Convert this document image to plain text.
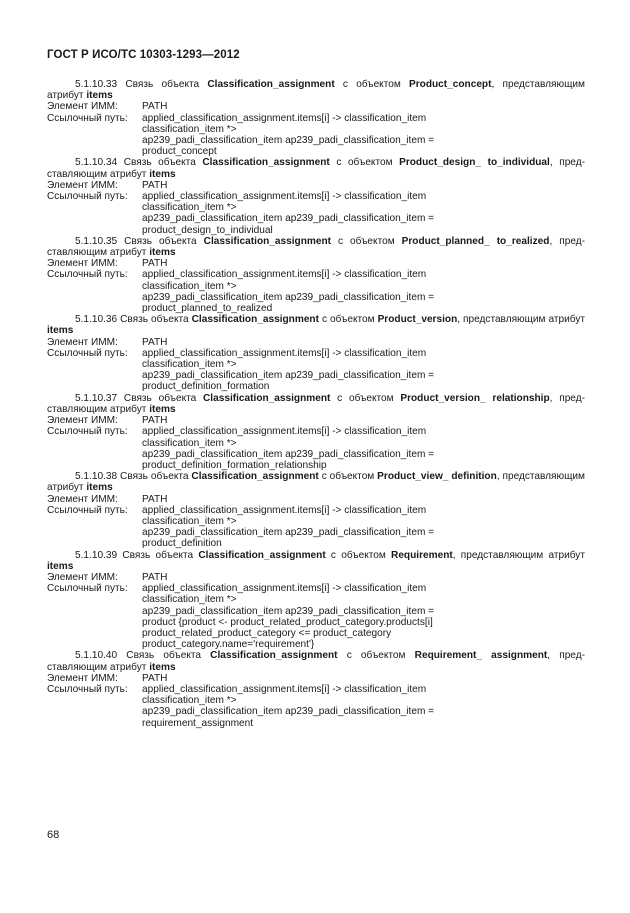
ГОСТ Р ИСО/ТС 10303-1293—2012
5.1.10.33 Связь объекта Classification_assignment с объектом Product_concept, представляющим атрибут items
Элемент ИММ:	PATH
Ссылочный путь:	applied_classification_assignment.items[i] -> classification_item
classification_item *>
ap239_padi_classification_item ap239_padi_classification_item =
product_concept
5.1.10.34 Связь объекта Classification_assignment с объектом Product_design_ to_individual, представляющим атрибут items
Элемент ИММ:	PATH
Ссылочный путь:	applied_classification_assignment.items[i] -> classification_item
classification_item *>
ap239_padi_classification_item ap239_padi_classification_item =
product_design_to_individual
5.1.10.35 Связь объекта Classification_assignment с объектом Product_planned_ to_realized, представляющим атрибут items
Элемент ИММ:	PATH
Ссылочный путь:	applied_classification_assignment.items[i] -> classification_item
classification_item *>
ap239_padi_classification_item ap239_padi_classification_item =
product_planned_to_realized
5.1.10.36 Связь объекта Classification_assignment с объектом Product_version, представляющим атрибут items
Элемент ИММ:	PATH
Ссылочный путь:	applied_classification_assignment.items[i] -> classification_item
classification_item *>
ap239_padi_classification_item ap239_padi_classification_item =
product_definition_formation
5.1.10.37 Связь объекта Classification_assignment с объектом Product_version_ relationship, представляющим атрибут items
Элемент ИММ:	PATH
Ссылочный путь:	applied_classification_assignment.items[i] -> classification_item
classification_item *>
ap239_padi_classification_item ap239_padi_classification_item =
product_definition_formation_relationship
5.1.10.38 Связь объекта Classification_assignment с объектом Product_view_ definition, представляющим атрибут items
Элемент ИММ:	PATH
Ссылочный путь:	applied_classification_assignment.items[i] -> classification_item
classification_item *>
ap239_padi_classification_item ap239_padi_classification_item =
product_definition
5.1.10.39 Связь объекта Classification_assignment с объектом Requirement, представляющим атрибут items
Элемент ИММ:	PATH
Ссылочный путь:	applied_classification_assignment.items[i] -> classification_item
classification_item *>
ap239_padi_classification_item ap239_padi_classification_item =
product {product <- product_related_product_category.products[i]
product_related_product_category <= product_category
product_category.name='requirement'}
5.1.10.40 Связь объекта Classification_assignment с объектом Requirement_ assignment, представляющим атрибут items
Элемент ИММ:	PATH
Ссылочный путь:	applied_classification_assignment.items[i] -> classification_item
classification_item *>
ap239_padi_classification_item ap239_padi_classification_item =
requirement_assignment
68
